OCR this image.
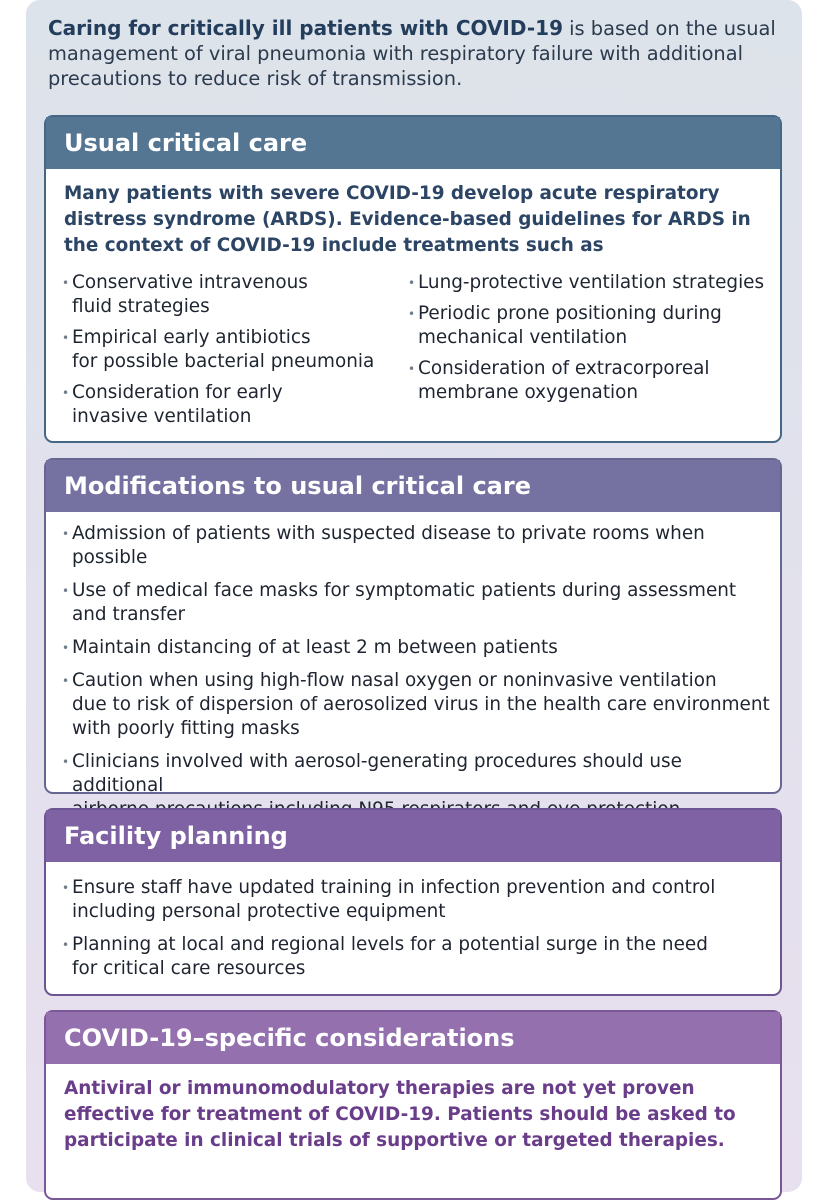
Caring for critically ill patients with COVID-19 is based on the usual management of viral pneumonia with respiratory failure with additional precautions to reduce risk of transmission.
Usual critical care
Many patients with severe COVID-19 develop acute respiratory distress syndrome (ARDS). Evidence-based guidelines for ARDS in the context of COVID-19 include treatments such as
• Conservative intravenous
fluid strategies
• Empirical early antibiotics
for possible bacterial pneumonia
• Consideration for early
invasive ventilation
• Lung-protective ventilation strategies
• Periodic prone positioning during
mechanical ventilation
• Consideration of extracorporeal
membrane oxygenation
Modifications to usual critical care
• Admission of patients with suspected disease to private rooms when possible
• Use of medical face masks for symptomatic patients during assessment
and transfer
• Maintain distancing of at least 2 m between patients
• Caution when using high-flow nasal oxygen or noninvasive ventilation
due to risk of dispersion of aerosolized virus in the health care environment
with poorly fitting masks
• Clinicians involved with aerosol-generating procedures should use additional

Facility planning
• Ensure staff have updated training in infection prevention and control
including personal protective equipment
• Planning at local and regional levels for a potential surge in the need
for critical care resources
COVID-19–specific considerations
Antiviral or immunomodulatory therapies are not yet proven effective for treatment of COVID-19. Patients should be asked to participate in clinical trials of supportive or targeted therapies.
